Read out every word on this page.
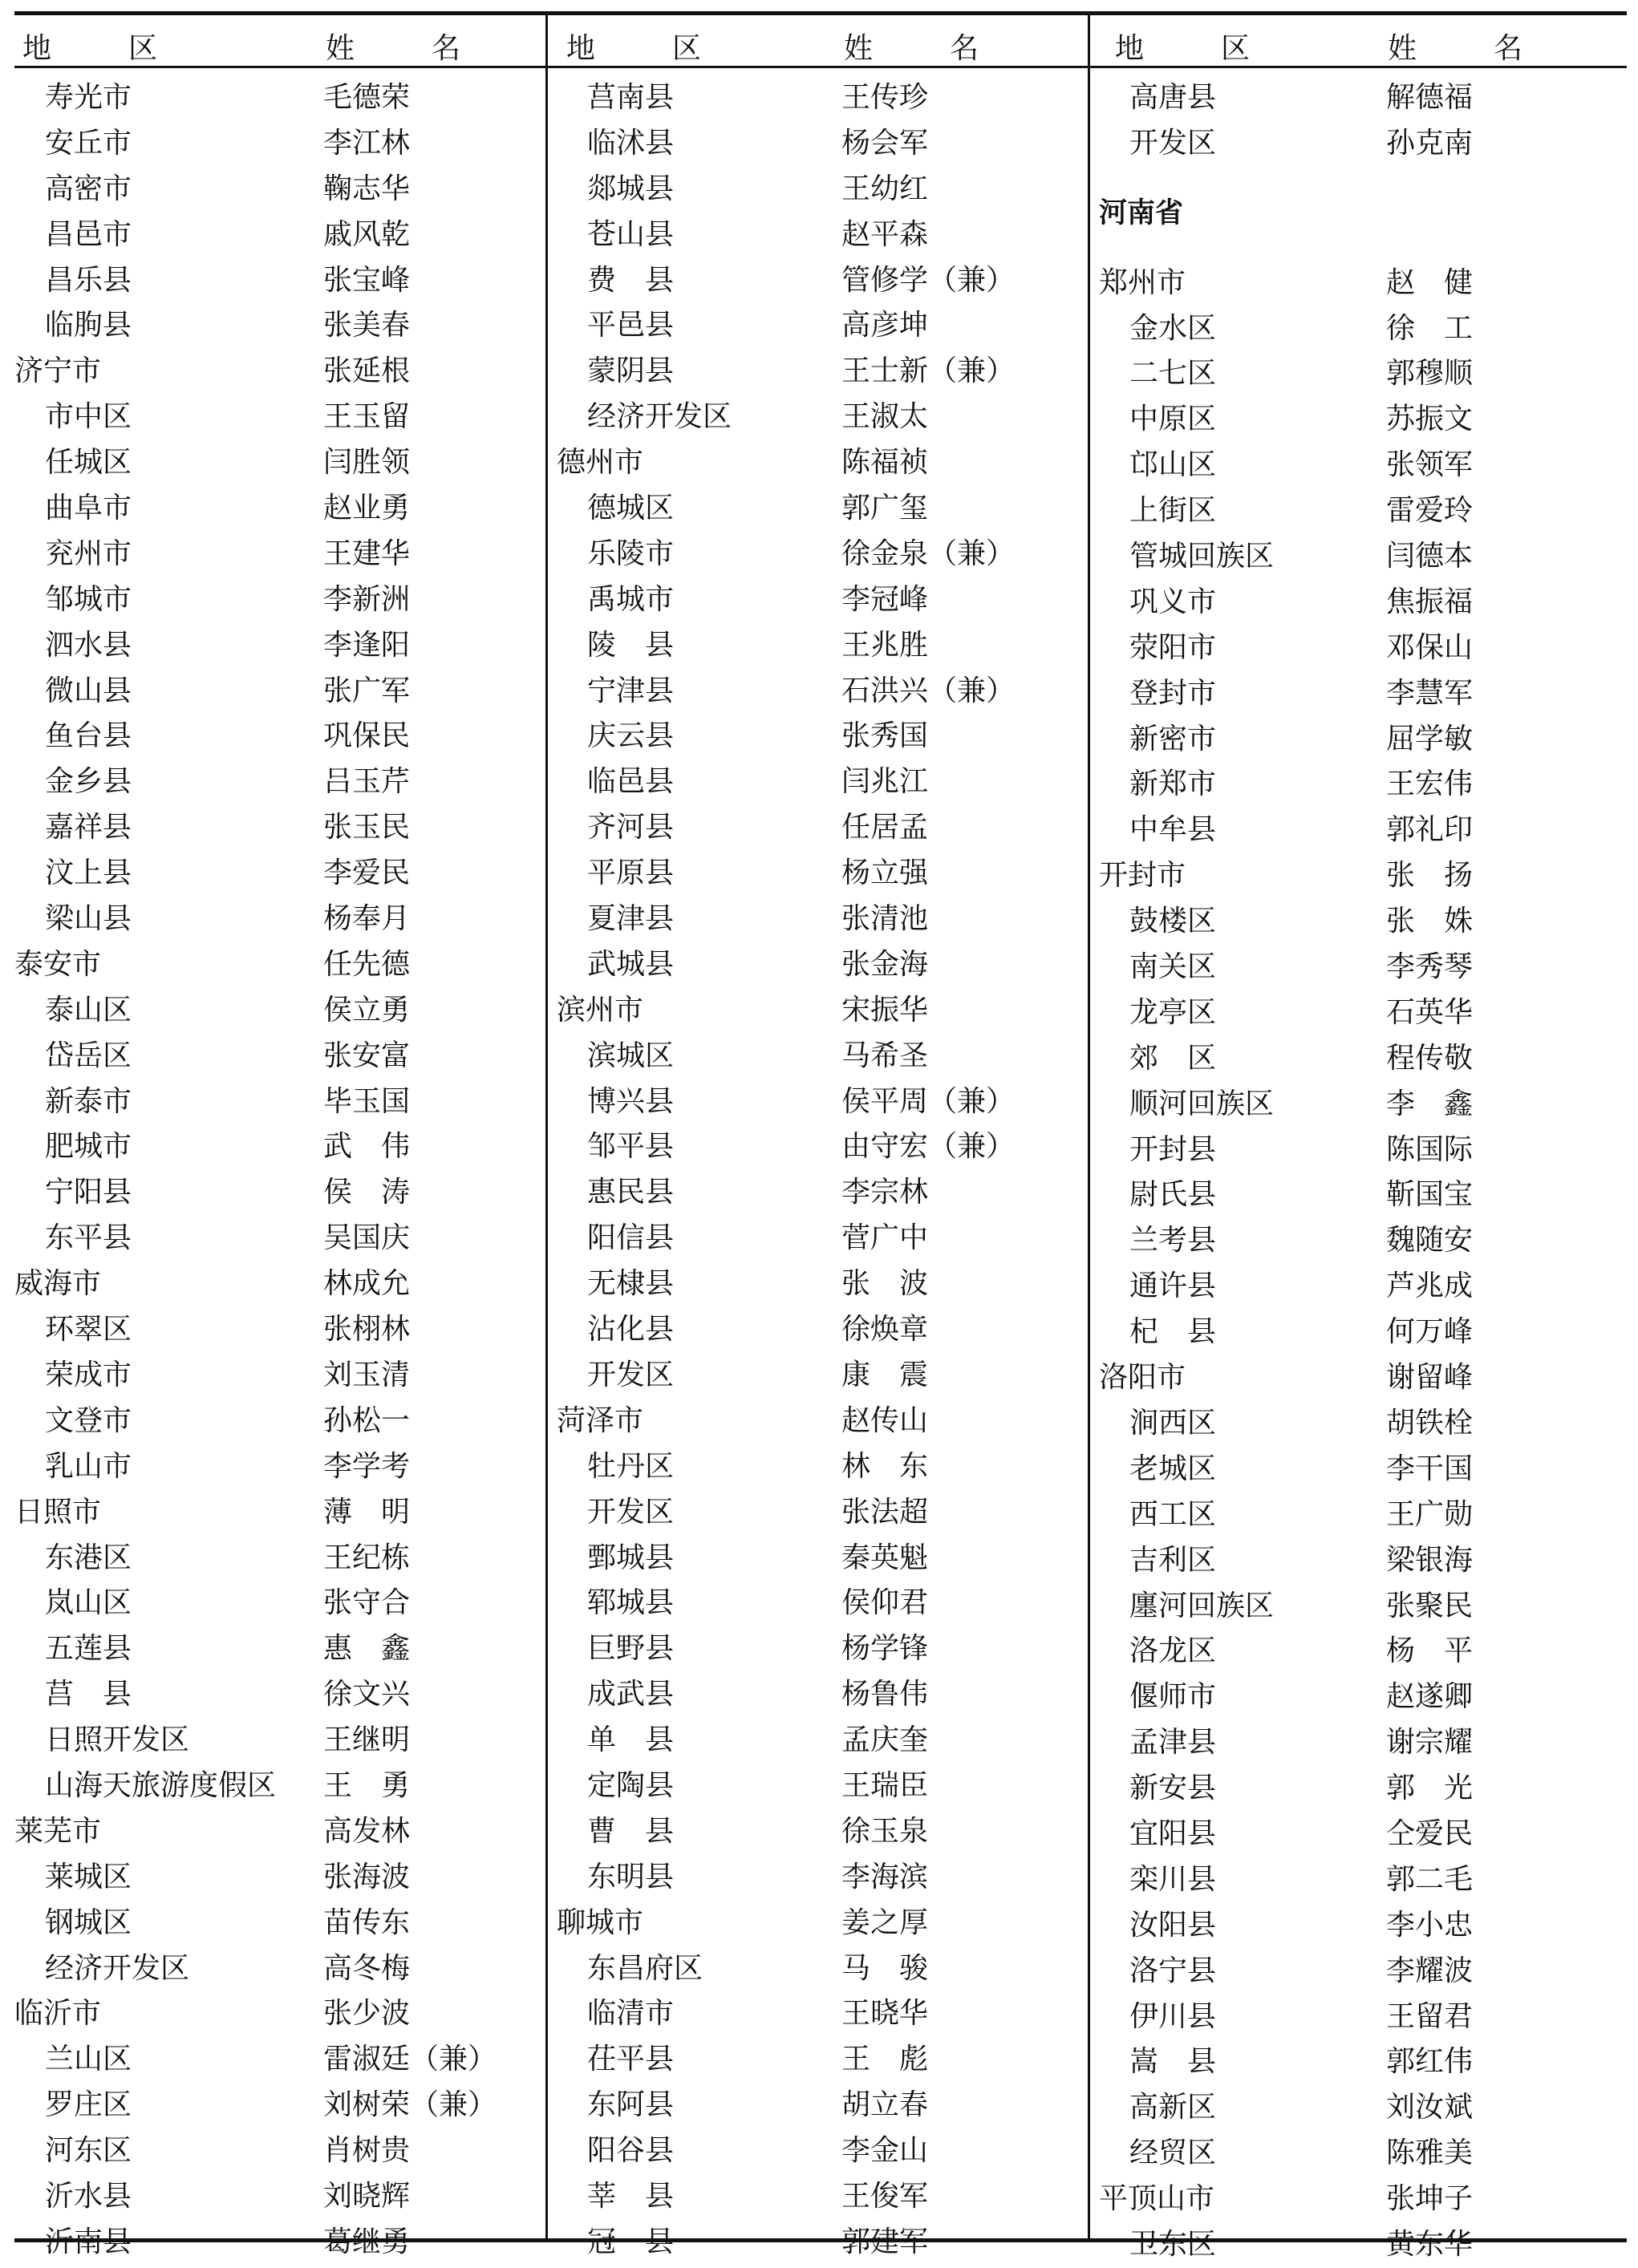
地　区	姓　名
寿光市	毛德荣
安丘市	李江林
高密市	鞠志华
昌邑市	戚风乾
昌乐县	张宝峰
临朐县	张美春
济宁市	张延根
市中区	王玉留
任城区	闫胜领
曲阜市	赵业勇
兖州市	王建华
邹城市	李新洲
泗水县	李逢阳
微山县	张广军
鱼台县	巩保民
金乡县	吕玉芹
嘉祥县	张玉民
汶上县	李爱民
梁山县	杨奉月
泰安市	任先德
泰山区	侯立勇
岱岳区	张安富
新泰市	毕玉国
肥城市	武　伟
宁阳县	侯　涛
东平县	吴国庆
威海市	林成允
环翠区	张栩林
荣成市	刘玉清
文登市	孙松一
乳山市	李学考
日照市	薄　明
东港区	王纪栋
岚山区	张守合
五莲县	惠　鑫
莒　县	徐文兴
日照开发区	王继明
山海天旅游度假区 王　勇
莱芜市	高发林
莱城区	张海波
钢城区	苗传东
经济开发区	高冬梅
临沂市	张少波
兰山区	雷淑廷（兼）
罗庄区	刘树荣（兼）
河东区	肖树贵
沂水县	刘晓辉
沂南县	葛继勇
地　区	姓　名
莒南县	王传珍
临沭县	杨会军
郯城县	王幼红
苍山县	赵平森
费　县	管修学（兼）
平邑县	高彦坤
蒙阴县	王士新（兼）
经济开发区	王淑太
德州市	陈福祯
德城区	郭广玺
乐陵市	徐金泉（兼）
禹城市	李冠峰
陵　县	王兆胜
宁津县	石洪兴（兼）
庆云县	张秀国
临邑县	闫兆江
齐河县	任居孟
平原县	杨立强
夏津县	张清池
武城县	张金海
滨州市	宋振华
滨城区	马希圣
博兴县	侯平周（兼）
邹平县	由守宏（兼）
惠民县	李宗林
阳信县	菅广中
无棣县	张　波
沾化县	徐焕章
开发区	康　震
菏泽市	赵传山
牡丹区	林　东
开发区	张法超
鄄城县	秦英魁
郓城县	侯仰君
巨野县	杨学锋
成武县	杨鲁伟
单　县	孟庆奎
定陶县	王瑞臣
曹　县	徐玉泉
东明县	李海滨
聊城市	姜之厚
东昌府区	马　骏
临清市	王晓华
茌平县	王　彪
东阿县	胡立春
阳谷县	李金山
莘　县	王俊军
冠　县	郭建军
地　区	姓　名
高唐县	解德福
开发区	孙克南
河南省
郑州市	赵　健
金水区	徐　工
二七区	郭穆顺
中原区	苏振文
邙山区	张领军
上街区	雷爱玲
管城回族区	闫德本
巩义市	焦振福
荥阳市	邓保山
登封市	李慧军
新密市	屈学敏
新郑市	王宏伟
中牟县	郭礼印
开封市	张　扬
鼓楼区	张　姝
南关区	李秀琴
龙亭区	石英华
郊　区	程传敬
顺河回族区	李　鑫
开封县	陈国际
尉氏县	靳国宝
兰考县	魏随安
通许县	芦兆成
杞　县	何万峰
洛阳市	谢留峰
涧西区	胡铁栓
老城区	李干国
西工区	王广勋
吉利区	梁银海
廛河回族区	张聚民
洛龙区	杨　平
偃师市	赵遂卿
孟津县	谢宗耀
新安县	郭　光
宜阳县	仝爱民
栾川县	郭二毛
汝阳县	李小忠
洛宁县	李耀波
伊川县	王留君
嵩　县	郭红伟
高新区	刘汝斌
经贸区	陈雅美
平顶山市	张坤子
卫东区	黄东华
